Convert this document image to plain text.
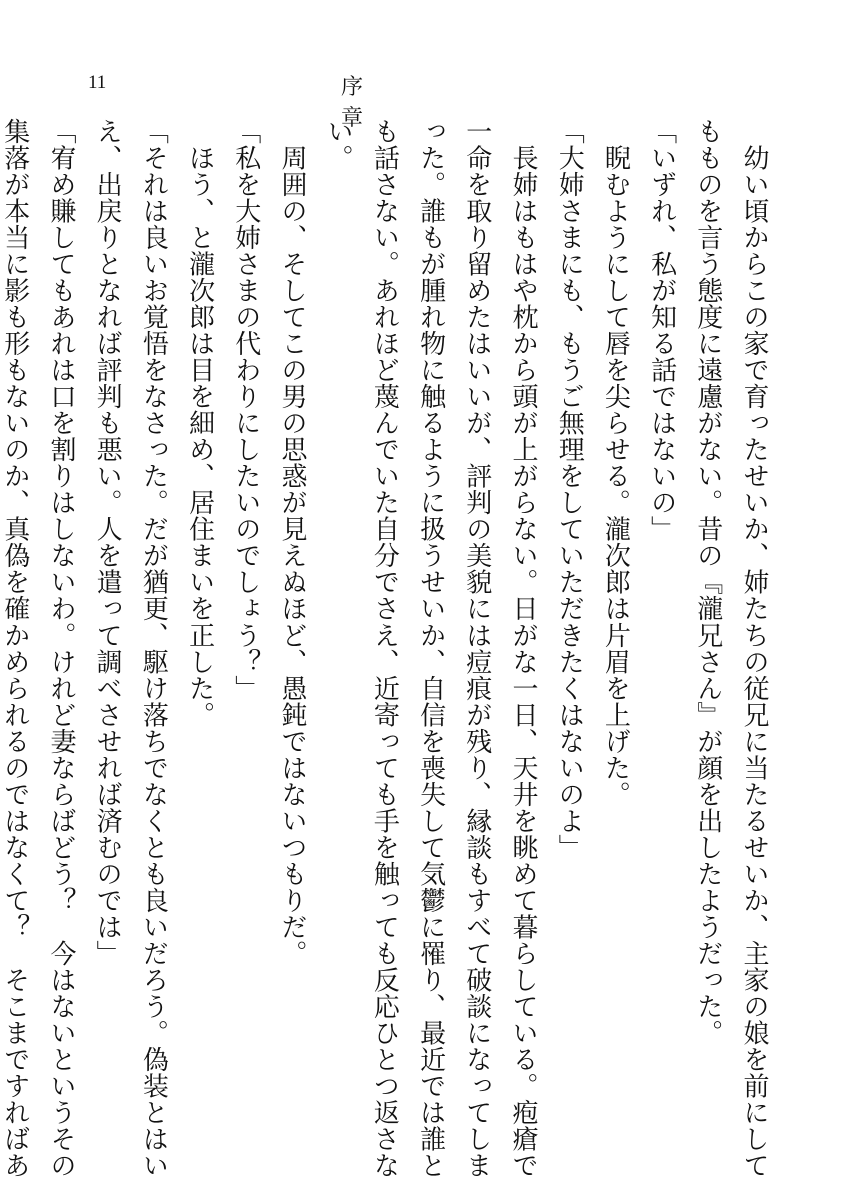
11	序　章	　幼い頃からこの家で育ったせいか、姉たちの従兄に当たるせいか、主家の娘を前にして
もものを言う態度に遠慮がない。昔の『瀧兄さん』が顔を出したようだった。
「いずれ、私が知る話ではないの」
　睨むようにして唇を尖らせる。瀧次郎は片眉を上げた。
「大姉さまにも、もうご無理をしていただきたくはないのよ」
　長姉はもはや枕から頭が上がらない。日がな一日、天井を眺めて暮らしている。疱瘡で
一命を取り留めたはいいが、評判の美貌には痘痕が残り、縁談もすべて破談になってしま
った。誰もが腫れ物に触るように扱うせいか、自信を喪失して気鬱に罹り、最近では誰と
も話さない。あれほど蔑んでいた自分でさえ、近寄っても手を触っても反応ひとつ返さな
い。
　周囲の、そしてこの男の思惑が見えぬほど、愚鈍ではないつもりだ。
「私を大姉さまの代わりにしたいのでしょう？」
　ほう、と瀧次郎は目を細め、居住まいを正した。
「それは良いお覚悟をなさった。だが猶更、駆け落ちでなくとも良いだろう。偽装とはい
え、出戻りとなれば評判も悪い。人を遣って調べさせれば済むのでは」
「宥め賺してもあれは口を割りはしないわ。けれど妻ならばどう？　今はないというその
集落が本当に影も形もないのか、真偽を確かめられるのではなくて？　そこまですればあ
